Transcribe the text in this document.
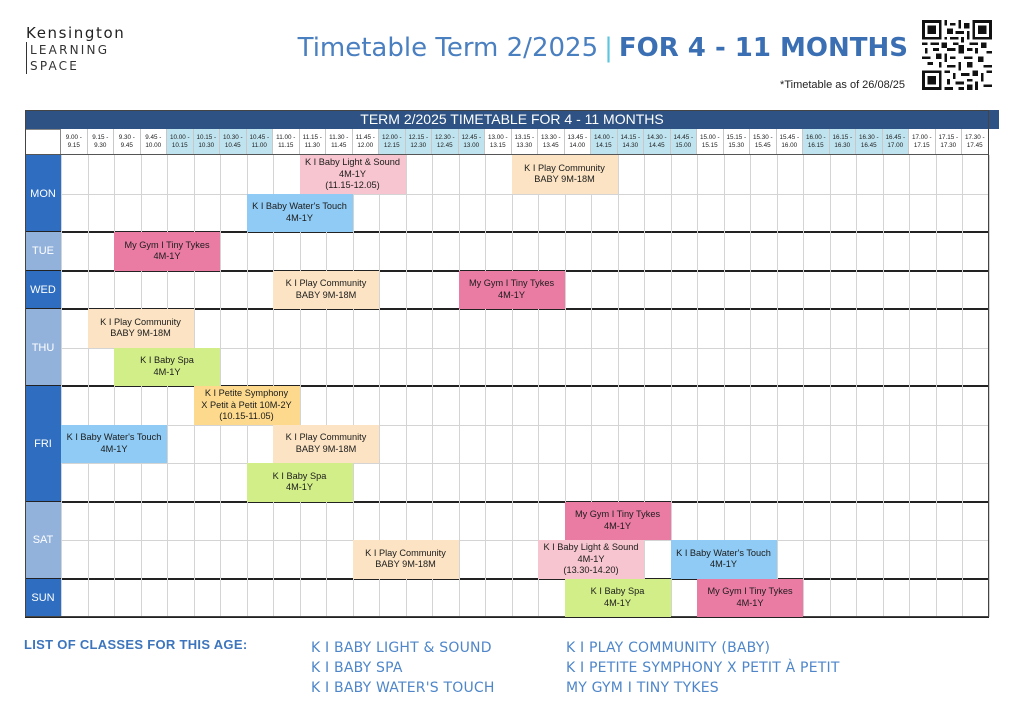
Kensington
LEARNING
SPACE
Timetable Term 2/2025 | FOR 4 - 11 MONTHS
*Timetable as of 26/08/25
TERM 2/2025 TIMETABLE FOR 4 - 11 MONTHS
9.00 -
9.15
9.15 -
9.30
9.30 -
9.45
9.45 -
10.00
10.00 -
10.15
10.15 -
10.30
10.30 -
10.45
10.45 -
11.00
11.00 -
11.15
11.15 -
11.30
11.30 -
11.45
11.45 -
12.00
12.00 -
12.15
12.15 -
12.30
12.30 -
12.45
12.45 -
13.00
13.00 -
13.15
13.15 -
13.30
13.30 -
13.45
13.45 -
14.00
14.00 -
14.15
14.15 -
14.30
14.30 -
14.45
14.45 -
15.00
15.00 -
15.15
15.15 -
15.30
15.30 -
15.45
15.45 -
16.00
16.00 -
16.15
16.15 -
16.30
16.30 -
16.45
16.45 -
17.00
17.00 -
17.15
17.15 -
17.30
17.30 -
17.45
MON
TUE
WED
THU
FRI
SAT
SUN
K I Baby Light & Sound
4M-1Y
(11.15-12.05)
K I Play Community
BABY 9M-18M
K I Baby Water's Touch
4M-1Y
My Gym I Tiny Tykes
4M-1Y
K I Play Community
BABY 9M-18M
My Gym I Tiny Tykes
4M-1Y
K I Play Community
BABY 9M-18M
K I Baby Spa
4M-1Y
K I Petite Symphony
X Petit à Petit 10M-2Y
(10.15-11.05)
K I Baby Water's Touch
4M-1Y
K I Play Community
BABY 9M-18M
K I Baby Spa
4M-1Y
My Gym I Tiny Tykes
4M-1Y
K I Play Community
BABY 9M-18M
K I Baby Light & Sound
4M-1Y
(13.30-14.20)
K I Baby Water's Touch
4M-1Y
K I Baby Spa
4M-1Y
My Gym I Tiny Tykes
4M-1Y
LIST OF CLASSES FOR THIS AGE:	K I BABY LIGHT & SOUND
K I BABY SPA
K I BABY WATER'S TOUCH
K I PLAY COMMUNITY (BABY)
K I PETITE SYMPHONY X PETIT À PETIT
MY GYM I TINY TYKES
